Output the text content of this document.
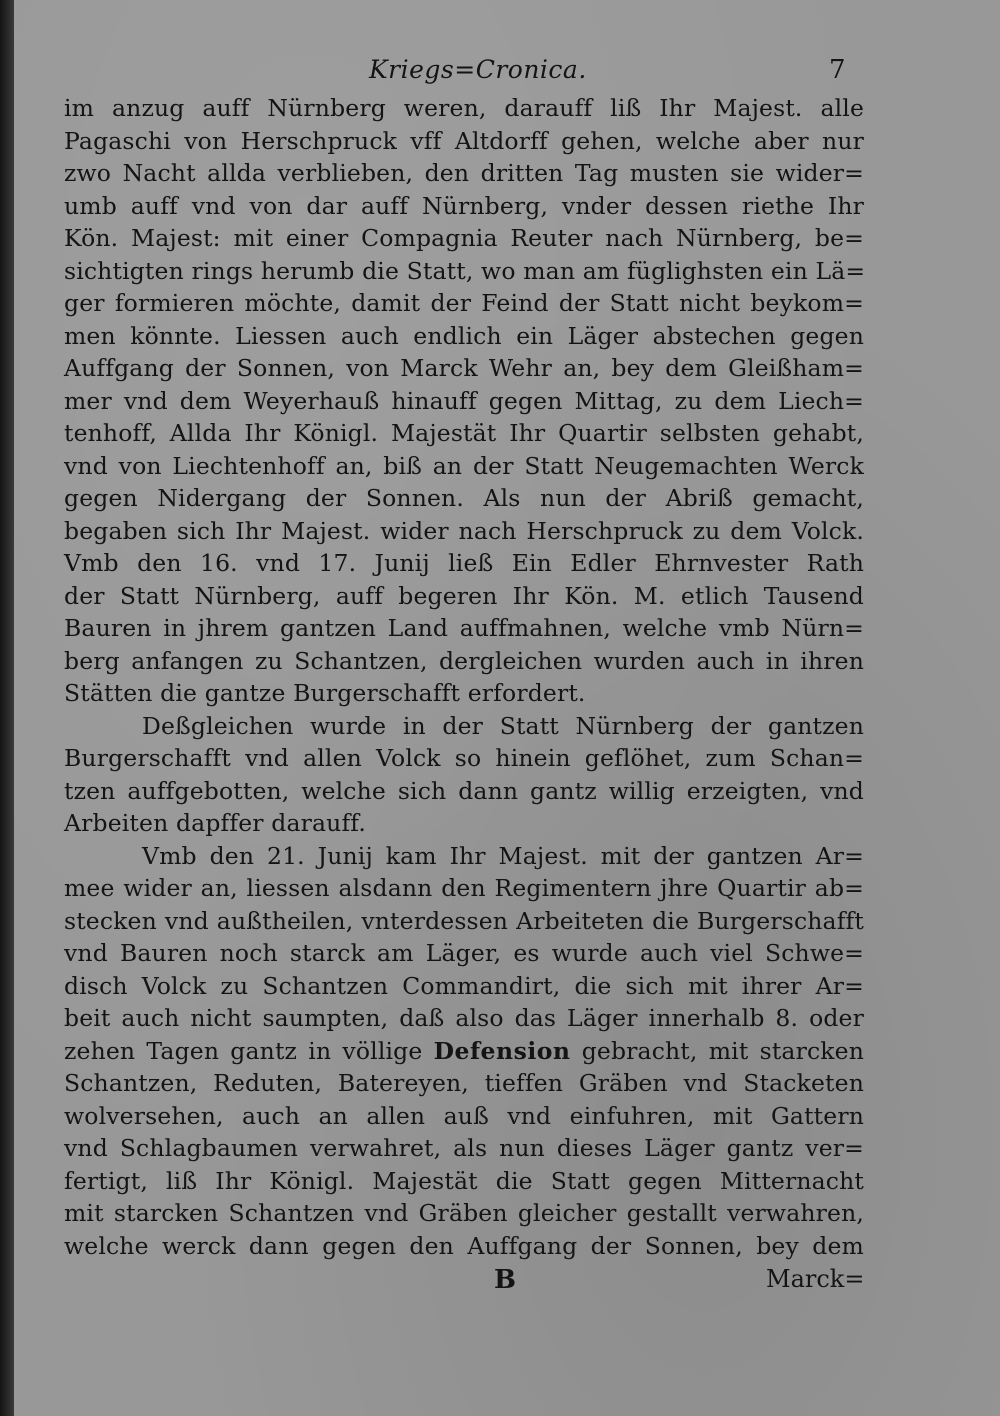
Kriegs=Cronica.	7
im anzug auff Nürnberg weren, darauff liß Ihr Majest. alle
Pagaschi von Herschpruck vff Altdorff gehen, welche aber nur
zwo Nacht allda verblieben, den dritten Tag musten sie wider=
umb auff vnd von dar auff Nürnberg, vnder dessen riethe Ihr
Kön. Majest: mit einer Compagnia Reuter nach Nürnberg, be=
sichtigten rings herumb die Statt, wo man am füglighsten ein Lä=
ger formieren möchte, damit der Feind der Statt nicht beykom=
men könnte. Liessen auch endlich ein Läger abstechen gegen
Auffgang der Sonnen, von Marck Wehr an, bey dem Gleißham=
mer vnd dem Weyerhauß hinauff gegen Mittag, zu dem Liech=
tenhoff, Allda Ihr Königl. Majestät Ihr Quartir selbsten gehabt,
vnd von Liechtenhoff an, biß an der Statt Neugemachten Werck
gegen Nidergang der Sonnen. Als nun der Abriß gemacht,
begaben sich Ihr Majest. wider nach Herschpruck zu dem Volck.
Vmb den 16. vnd 17. Junij ließ Ein Edler Ehrnvester Rath
der Statt Nürnberg, auff begeren Ihr Kön. M. etlich Tausend
Bauren in jhrem gantzen Land auffmahnen, welche vmb Nürn=
berg anfangen zu Schantzen, dergleichen wurden auch in ihren
Stätten die gantze Burgerschafft erfordert.
Deßgleichen wurde in der Statt Nürnberg der gantzen
Burgerschafft vnd allen Volck so hinein geflöhet, zum Schan=
tzen auffgebotten, welche sich dann gantz willig erzeigten, vnd
Arbeiten dapffer darauff.
Vmb den 21. Junij kam Ihr Majest. mit der gantzen Ar=
mee wider an, liessen alsdann den Regimentern jhre Quartir ab=
stecken vnd außtheilen, vnterdessen Arbeiteten die Burgerschafft
vnd Bauren noch starck am Läger, es wurde auch viel Schwe=
disch Volck zu Schantzen Commandirt, die sich mit ihrer Ar=
beit auch nicht saumpten, daß also das Läger innerhalb 8. oder
zehen Tagen gantz in völlige Defension gebracht, mit starcken
Schantzen, Reduten, Batereyen, tieffen Gräben vnd Stacketen
wolversehen, auch an allen auß vnd einfuhren, mit Gattern
vnd Schlagbaumen verwahret, als nun dieses Läger gantz ver=
fertigt, liß Ihr Königl. Majestät die Statt gegen Mitternacht
mit starcken Schantzen vnd Gräben gleicher gestallt verwahren,
welche werck dann gegen den Auffgang der Sonnen, bey dem
B	Marck=
